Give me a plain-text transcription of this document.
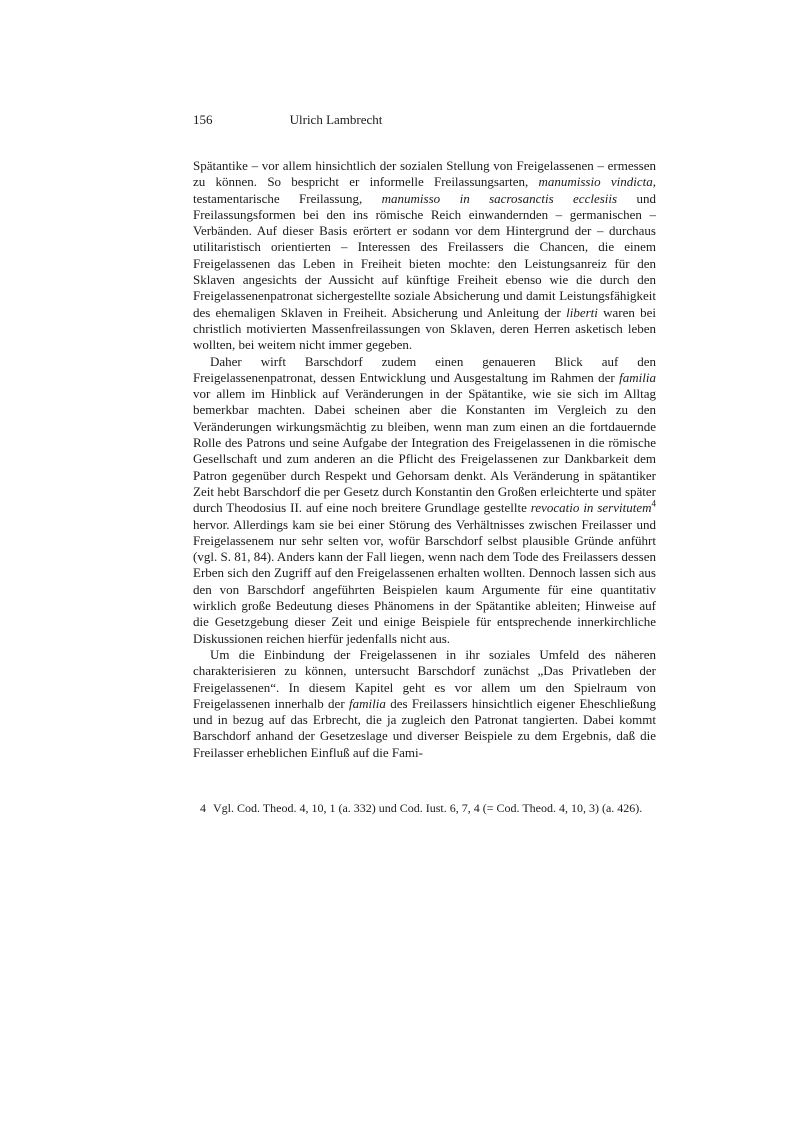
156	Ulrich Lambrecht

Spätantike – vor allem hinsichtlich der sozialen Stellung von Freigelassenen – ermessen zu können. So bespricht er informelle Freilassungsarten, manumissio vindicta, testamentarische Freilassung, manumisso in sacrosanctis ecclesiis und Freilassungsformen bei den ins römische Reich einwandernden – germanischen – Verbänden. Auf dieser Basis erörtert er sodann vor dem Hintergrund der – durchaus utilitaristisch orientierten – Interessen des Freilassers die Chancen, die einem Freigelassenen das Leben in Freiheit bieten mochte: den Leistungsanreiz für den Sklaven angesichts der Aussicht auf künftige Freiheit ebenso wie die durch den Freigelassenenpatronat sichergestellte soziale Absicherung und damit Leistungsfähigkeit des ehemaligen Sklaven in Freiheit. Absicherung und Anleitung der liberti waren bei christlich motivierten Massenfreilassungen von Sklaven, deren Herren asketisch leben wollten, bei weitem nicht immer gegeben.

Daher wirft Barschdorf zudem einen genaueren Blick auf den Freigelassenenpatronat, dessen Entwicklung und Ausgestaltung im Rahmen der familia vor allem im Hinblick auf Veränderungen in der Spätantike, wie sie sich im Alltag bemerkbar machten. Dabei scheinen aber die Konstanten im Vergleich zu den Veränderungen wirkungsmächtig zu bleiben, wenn man zum einen an die fortdauernde Rolle des Patrons und seine Aufgabe der Integration des Freigelassenen in die römische Gesellschaft und zum anderen an die Pflicht des Freigelassenen zur Dankbarkeit dem Patron gegenüber durch Respekt und Gehorsam denkt. Als Veränderung in spätantiker Zeit hebt Barschdorf die per Gesetz durch Konstantin den Großen erleichterte und später durch Theodosius II. auf eine noch breitere Grundlage gestellte revocatio in servitutem$^4$ hervor. Allerdings kam sie bei einer Störung des Verhältnisses zwischen Freilasser und Freigelassenem nur sehr selten vor, wofür Barschdorf selbst plausible Gründe anführt (vgl. S. 81, 84). Anders kann der Fall liegen, wenn nach dem Tode des Freilassers dessen Erben sich den Zugriff auf den Freigelassenen erhalten wollten. Dennoch lassen sich aus den von Barschdorf angeführten Beispielen kaum Argumente für eine quantitativ wirklich große Bedeutung dieses Phänomens in der Spätantike ableiten; Hinweise auf die Gesetzgebung dieser Zeit und einige Beispiele für entsprechende innerkirchliche Diskussionen reichen hierfür jedenfalls nicht aus.

Um die Einbindung der Freigelassenen in ihr soziales Umfeld des näheren charakterisieren zu können, untersucht Barschdorf zunächst „Das Privatleben der Freigelassenen“. In diesem Kapitel geht es vor allem um den Spielraum von Freigelassenen innerhalb der familia des Freilassers hinsichtlich eigener Eheschließung und in bezug auf das Erbrecht, die ja zugleich den Patronat tangierten. Dabei kommt Barschdorf anhand der Gesetzeslage und diverser Beispiele zu dem Ergebnis, daß die Freilasser erheblichen Einfluß auf die Fami-

4 Vgl. Cod. Theod. 4, 10, 1 (a. 332) und Cod. Iust. 6, 7, 4 (= Cod. Theod. 4, 10, 3) (a. 426).
